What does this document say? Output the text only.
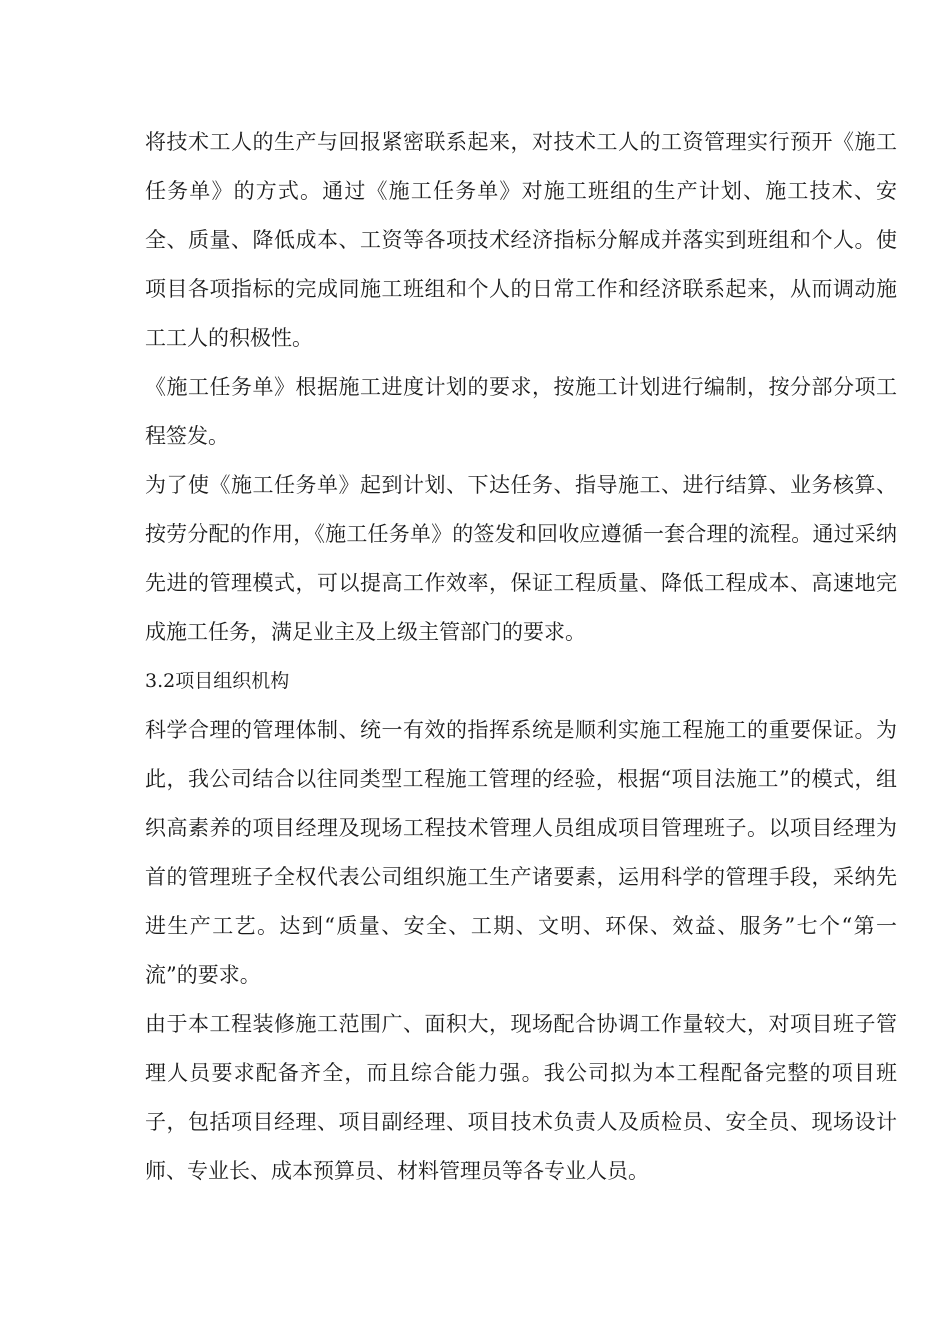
将技术工人的生产与回报紧密联系起来，对技术工人的工资管理实行预开《施工任务单》的方式。通过《施工任务单》对施工班组的生产计划、施工技术、安全、质量、降低成本、工资等各项技术经济指标分解成并落实到班组和个人。使项目各项指标的完成同施工班组和个人的日常工作和经济联系起来，从而调动施工工人的积极性。

《施工任务单》根据施工进度计划的要求，按施工计划进行编制，按分部分项工程签发。

为了使《施工任务单》起到计划、下达任务、指导施工、进行结算、业务核算、按劳分配的作用，《施工任务单》的签发和回收应遵循一套合理的流程。通过采纳先进的管理模式，可以提高工作效率，保证工程质量、降低工程成本、高速地完成施工任务，满足业主及上级主管部门的要求。

3.2项目组织机构

科学合理的管理体制、统一有效的指挥系统是顺利实施工程施工的重要保证。为此，我公司结合以往同类型工程施工管理的经验，根据“项目法施工”的模式，组织高素养的项目经理及现场工程技术管理人员组成项目管理班子。以项目经理为首的管理班子全权代表公司组织施工生产诸要素，运用科学的管理手段，采纳先进生产工艺。达到“质量、安全、工期、文明、环保、效益、服务”七个“第一流”的要求。

由于本工程装修施工范围广、面积大，现场配合协调工作量较大，对项目班子管理人员要求配备齐全，而且综合能力强。我公司拟为本工程配备完整的项目班子，包括项目经理、项目副经理、项目技术负责人及质检员、安全员、现场设计师、专业长、成本预算员、材料管理员等各专业人员。
